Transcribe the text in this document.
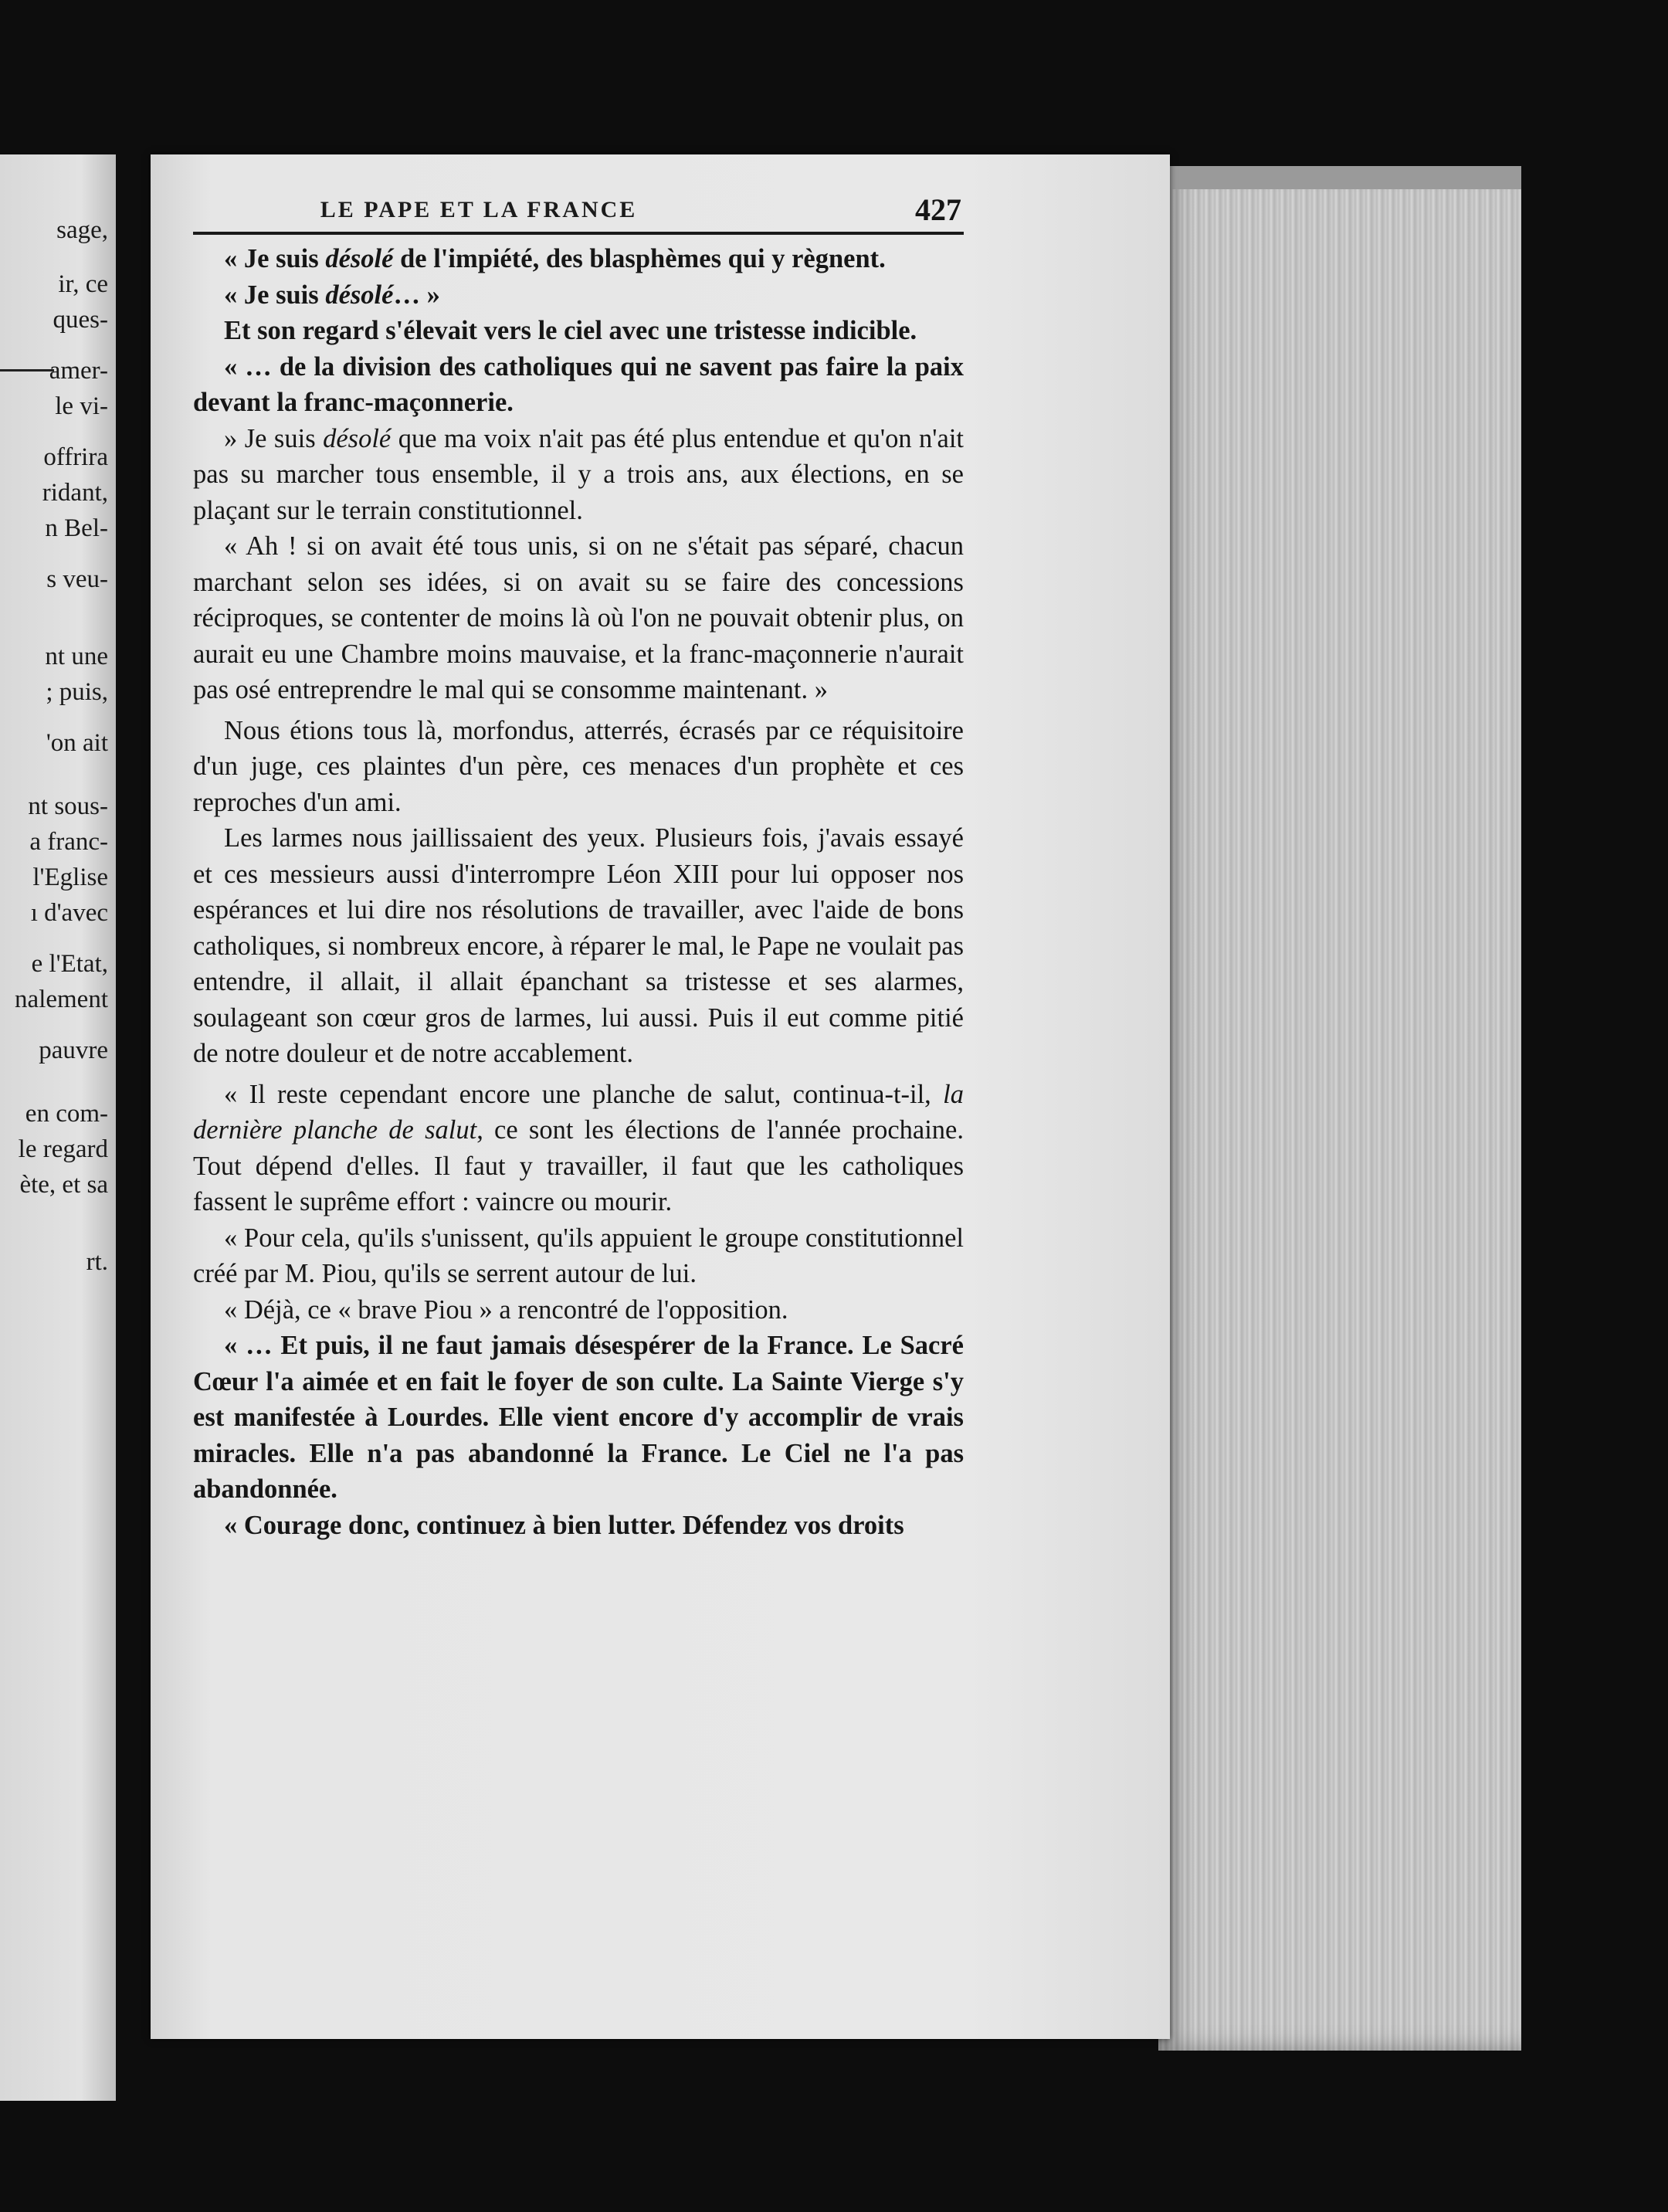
sage,
ir, ce
ques-
amer-
le vi-
offrira
ridant,
n Bel-
s veu-
nt une
; puis,
'on ait
nt sous-
a franc-
l'Eglise
ı d'avec
e l'Etat,
nalement
pauvre
en com-
le regard
ète, et sa
rt.
LE PAPE ET LA FRANCE	427

« Je suis désolé de l'impiété, des blasphèmes qui y règnent.

« Je suis désolé… »

Et son regard s'élevait vers le ciel avec une tristesse indicible.

« … de la division des catholiques qui ne savent pas faire la paix devant la franc-maçonnerie.

» Je suis désolé que ma voix n'ait pas été plus entendue et qu'on n'ait pas su marcher tous ensemble, il y a trois ans, aux élections, en se plaçant sur le terrain constitutionnel.

« Ah ! si on avait été tous unis, si on ne s'était pas séparé, chacun marchant selon ses idées, si on avait su se faire des concessions réciproques, se contenter de moins là où l'on ne pouvait obtenir plus, on aurait eu une Chambre moins mauvaise, et la franc-maçonnerie n'aurait pas osé entreprendre le mal qui se consomme maintenant. »

Nous étions tous là, morfondus, atterrés, écrasés par ce réquisitoire d'un juge, ces plaintes d'un père, ces menaces d'un prophète et ces reproches d'un ami.

Les larmes nous jaillissaient des yeux. Plusieurs fois, j'avais essayé et ces messieurs aussi d'interrompre Léon XIII pour lui opposer nos espérances et lui dire nos résolutions de travailler, avec l'aide de bons catholiques, si nombreux encore, à réparer le mal, le Pape ne voulait pas entendre, il allait, il allait épanchant sa tristesse et ses alarmes, soulageant son cœur gros de larmes, lui aussi. Puis il eut comme pitié de notre douleur et de notre accablement.

« Il reste cependant encore une planche de salut, continua-t-il, la dernière planche de salut, ce sont les élections de l'année prochaine. Tout dépend d'elles. Il faut y travailler, il faut que les catholiques fassent le suprême effort : vaincre ou mourir.

« Pour cela, qu'ils s'unissent, qu'ils appuient le groupe constitutionnel créé par M. Piou, qu'ils se serrent autour de lui.

« Déjà, ce « brave Piou » a rencontré de l'opposition.

« … Et puis, il ne faut jamais désespérer de la France. Le Sacré Cœur l'a aimée et en fait le foyer de son culte. La Sainte Vierge s'y est manifestée à Lourdes. Elle vient encore d'y accomplir de vrais miracles. Elle n'a pas abandonné la France. Le Ciel ne l'a pas abandonnée.

« Courage donc, continuez à bien lutter. Défendez vos droits
